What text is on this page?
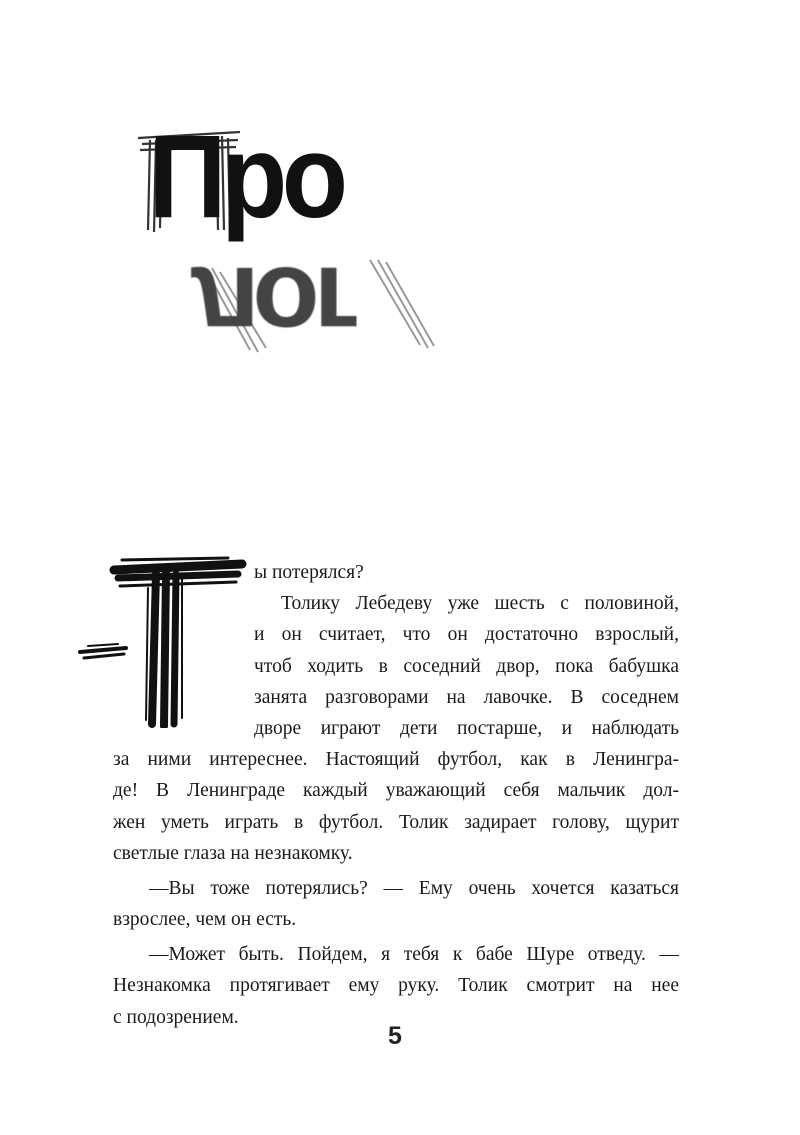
Про
лог
ы потерялся?
Толику Лебедеву уже шесть с половиной,
и он считает, что он достаточно взрослый,
чтоб ходить в соседний двор, пока бабушка
занята разговорами на лавочке. В соседнем
дворе играют дети постарше, и наблюдать
за ними интереснее. Настоящий футбол, как в Ленингра-
де! В Ленинграде каждый уважающий себя мальчик дол-
жен уметь играть в футбол. Толик задирает голову, щурит
светлые глаза на незнакомку.
—Вы тоже потерялись? — Ему очень хочется казаться
взрослее, чем он есть.
—Может быть. Пойдем, я тебя к бабе Шуре отведу. —
Незнакомка протягивает ему руку. Толик смотрит на нее
с подозрением.
5
